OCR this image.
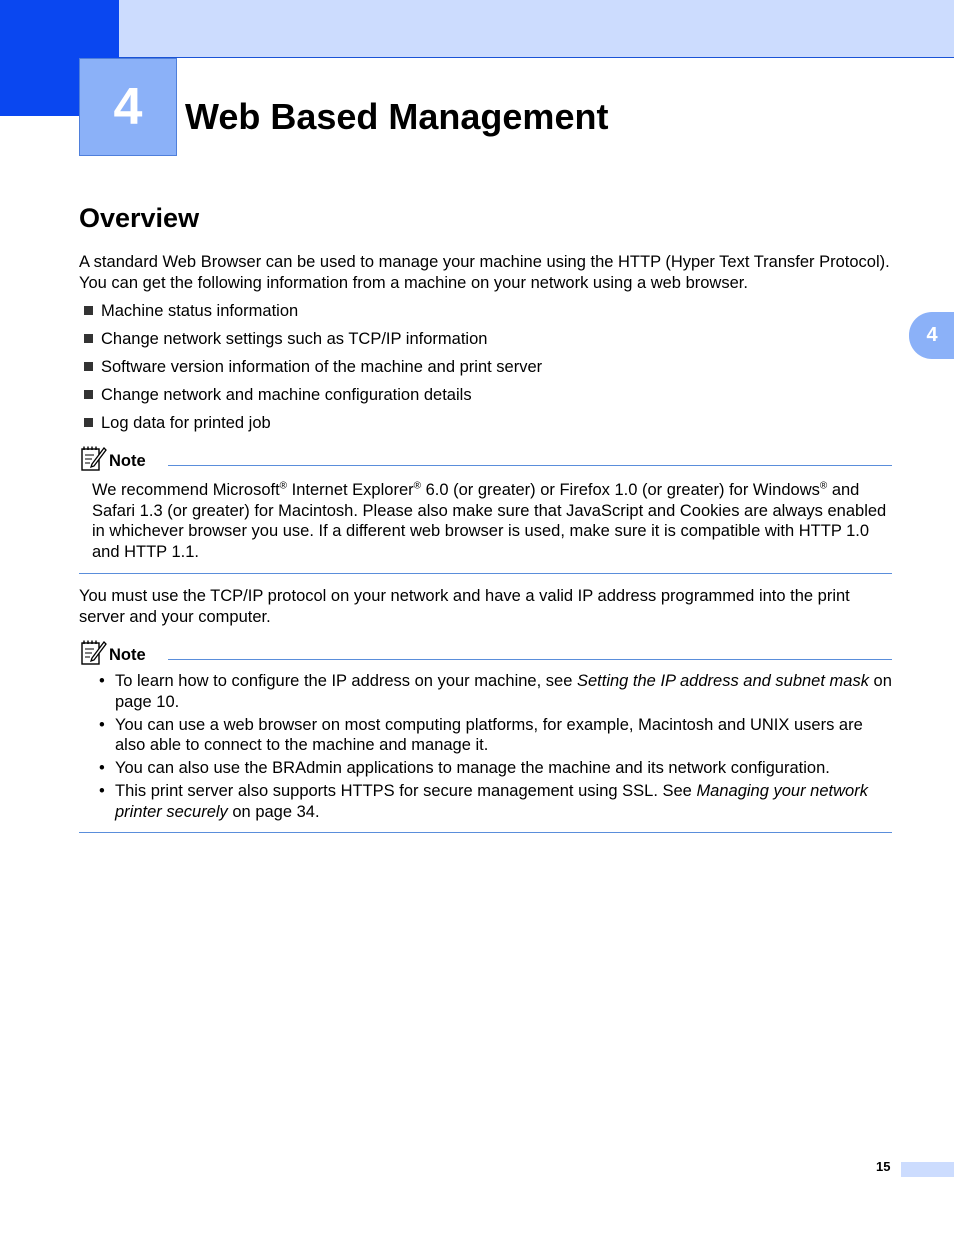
4 Web Based Management
4
Overview

A standard Web Browser can be used to manage your machine using the HTTP (Hyper Text Transfer Protocol). You can get the following information from a machine on your network using a web browser.

Machine status information
Change network settings such as TCP/IP information
Software version information of the machine and print server
Change network and machine configuration details
Log data for printed job
Note

We recommend Microsoft® Internet Explorer® 6.0 (or greater) or Firefox 1.0 (or greater) for Windows® and Safari 1.3 (or greater) for Macintosh. Please also make sure that JavaScript and Cookies are always enabled in whichever browser you use. If a different web browser is used, make sure it is compatible with HTTP 1.0 and HTTP 1.1.

You must use the TCP/IP protocol on your network and have a valid IP address programmed into the print server and your computer.

Note
• To learn how to configure the IP address on your machine, see Setting the IP address and subnet mask on page 10.
• You can use a web browser on most computing platforms, for example, Macintosh and UNIX users are also able to connect to the machine and manage it.
• You can also use the BRAdmin applications to manage the machine and its network configuration.
• This print server also supports HTTPS for secure management using SSL. See Managing your network printer securely on page 34.
15
